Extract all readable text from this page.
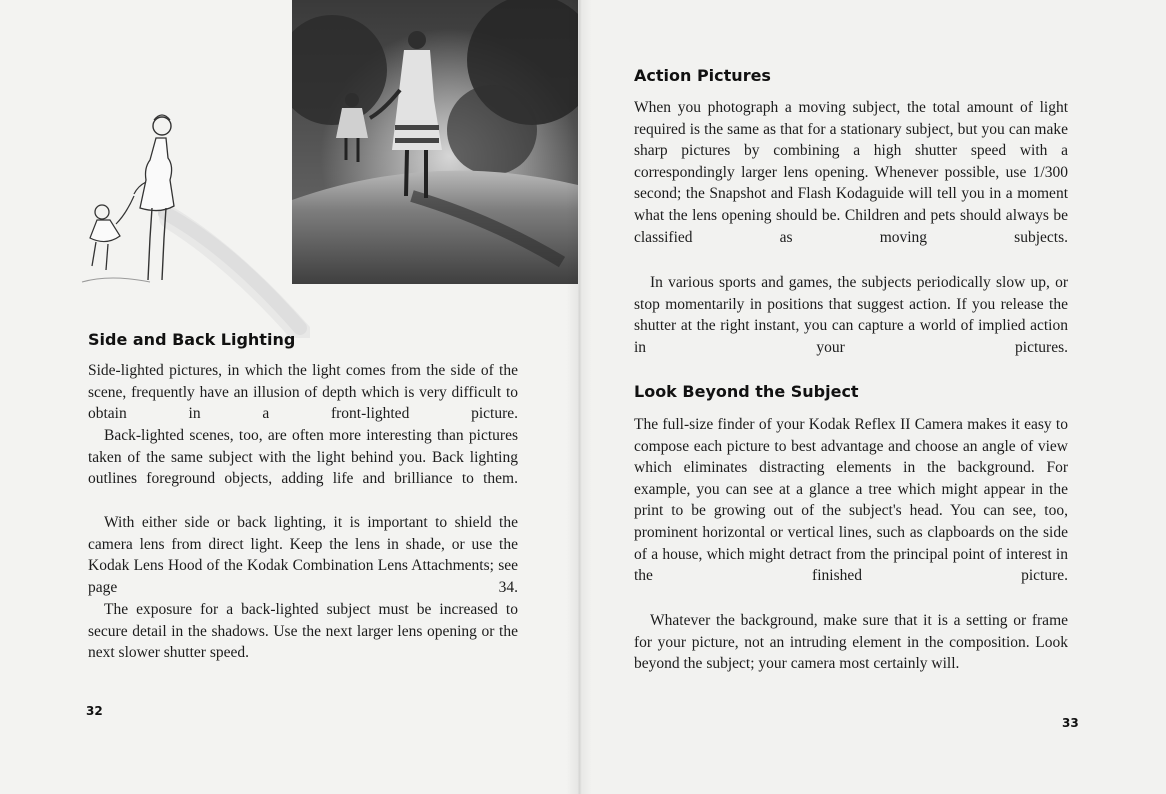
Side and Back Lighting

Side-lighted pictures, in which the light comes from the side of the scene, frequently have an illusion of depth which is very difficult to obtain in a front-lighted picture.

Back-lighted scenes, too, are often more interesting than pictures taken of the same subject with the light behind you. Back lighting outlines foreground objects, adding life and brilliance to them.

With either side or back lighting, it is important to shield the camera lens from direct light. Keep the lens in shade, or use the Kodak Lens Hood of the Kodak Combination Lens Attachments; see page 34.

The exposure for a back-lighted subject must be increased to secure detail in the shadows. Use the next larger lens opening or the next slower shutter speed.

32
Action Pictures

When you photograph a moving subject, the total amount of light required is the same as that for a stationary subject, but you can make sharp pictures by combining a high shutter speed with a correspondingly larger lens opening. Whenever possible, use 1/300 second; the Snapshot and Flash Kodaguide will tell you in a moment what the lens opening should be. Children and pets should always be classified as moving subjects.

In various sports and games, the subjects periodically slow up, or stop momentarily in positions that suggest action. If you release the shutter at the right instant, you can capture a world of implied action in your pictures.

Look Beyond the Subject

The full-size finder of your Kodak Reflex II Camera makes it easy to compose each picture to best advantage and choose an angle of view which eliminates distracting elements in the background. For example, you can see at a glance a tree which might appear in the print to be growing out of the subject's head. You can see, too, prominent horizontal or vertical lines, such as clapboards on the side of a house, which might detract from the principal point of interest in the finished picture.

Whatever the background, make sure that it is a setting or frame for your picture, not an intruding element in the composition. Look beyond the subject; your camera most certainly will.

33
